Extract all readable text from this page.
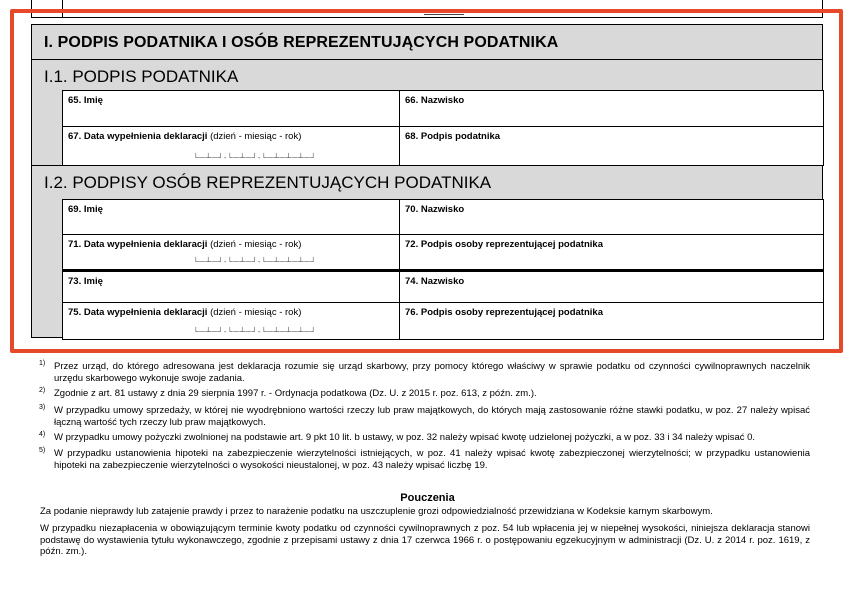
I. PODPIS PODATNIKA I OSÓB REPREZENTUJĄCYCH PODATNIKA
I.1. PODPIS PODATNIKA
65. Imię	66. Nazwisko
67. Data wypełnienia deklaracji (dzień - miesiąc - rok)
└─┴─┘-└─┴─┘-└─┴─┴─┴─┘
68. Podpis podatnika
I.2. PODPISY OSÓB REPREZENTUJĄCYCH PODATNIKA
69. Imię	70. Nazwisko
71. Data wypełnienia deklaracji (dzień - miesiąc - rok)
└─┴─┘-└─┴─┘-└─┴─┴─┴─┘
72. Podpis osoby reprezentującej podatnika
73. Imię	74. Nazwisko
75. Data wypełnienia deklaracji (dzień - miesiąc - rok)
└─┴─┘-└─┴─┘-└─┴─┴─┴─┘
76. Podpis osoby reprezentującej podatnika
1) Przez urząd, do którego adresowana jest deklaracja rozumie się urząd skarbowy, przy pomocy którego właściwy w sprawie podatku od czynności cywilnoprawnych naczelnik urzędu skarbowego wykonuje swoje zadania.
2) Zgodnie z art. 81 ustawy z dnia 29 sierpnia 1997 r. - Ordynacja podatkowa (Dz. U. z 2015 r. poz. 613, z późn. zm.).
3) W przypadku umowy sprzedaży, w której nie wyodrębniono wartości rzeczy lub praw majątkowych, do których mają zastosowanie różne stawki podatku, w poz. 27 należy wpisać łączną wartość tych rzeczy lub praw majątkowych.
4) W przypadku umowy pożyczki zwolnionej na podstawie art. 9 pkt 10 lit. b ustawy, w poz. 32 należy wpisać kwotę udzielonej pożyczki, a w poz. 33 i 34 należy wpisać 0.
5) W przypadku ustanowienia hipoteki na zabezpieczenie wierzytelności istniejących, w poz. 41 należy wpisać kwotę zabezpieczonej wierzytelności; w przypadku ustanowienia hipoteki na zabezpieczenie wierzytelności o wysokości nieustalonej, w poz. 43 należy wpisać liczbę 19.
Pouczenia
Za podanie nieprawdy lub zatajenie prawdy i przez to narażenie podatku na uszczuplenie grozi odpowiedzialność przewidziana w Kodeksie karnym skarbowym.
W przypadku niezapłacenia w obowiązującym terminie kwoty podatku od czynności cywilnoprawnych z poz. 54 lub wpłacenia jej w niepełnej wysokości, niniejsza deklaracja stanowi podstawę do wystawienia tytułu wykonawczego, zgodnie z przepisami ustawy z dnia 17 czerwca 1966 r. o postępowaniu egzekucyjnym w administracji (Dz. U. z 2014 r. poz. 1619, z późn. zm.).
